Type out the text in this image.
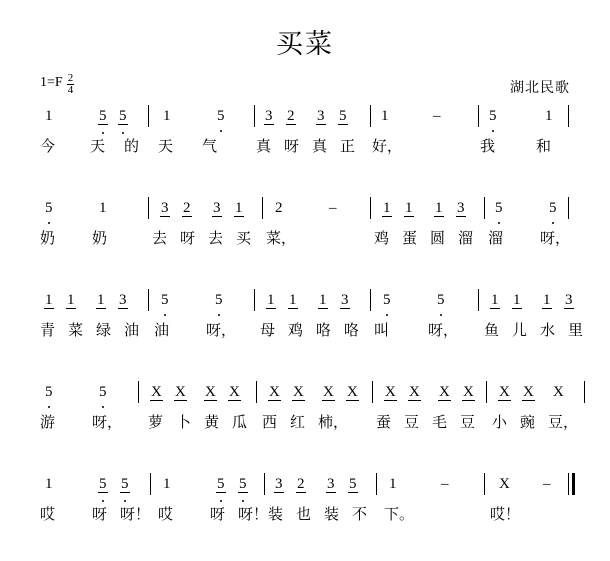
买菜
1= F $\frac{2}{4}$	湖北民歌
1	5 5 1	5	3 2 3 5 1	–	5	1
今 天 的 天 气	真 呀 真 正 好，	我	和
5	1	3 2 3 1 2	–	1 1 1 3 5	5
奶 奶	去 呀 去 买 菜，	鸡 蛋 圆 溜 溜 呀，
1 1 1 3 5	5	1 1 1 3 5	5	1 1 1 3
青 菜 绿 油 油 呀， 母 鸡 咯 咯 叫	呀， 鱼 儿 水 里
5	5	X X X X X X X X X X X X X X X
游 呀， 萝 卜 黄 瓜 西 红 柿， 蚕 豆 毛 豆 小 豌 豆，
1	5 5 1	5 5 3 2 3 5 1	–	X –
哎 呀 呀！ 哎 呀 呀！ 装 也 装 不 下。	哎！
